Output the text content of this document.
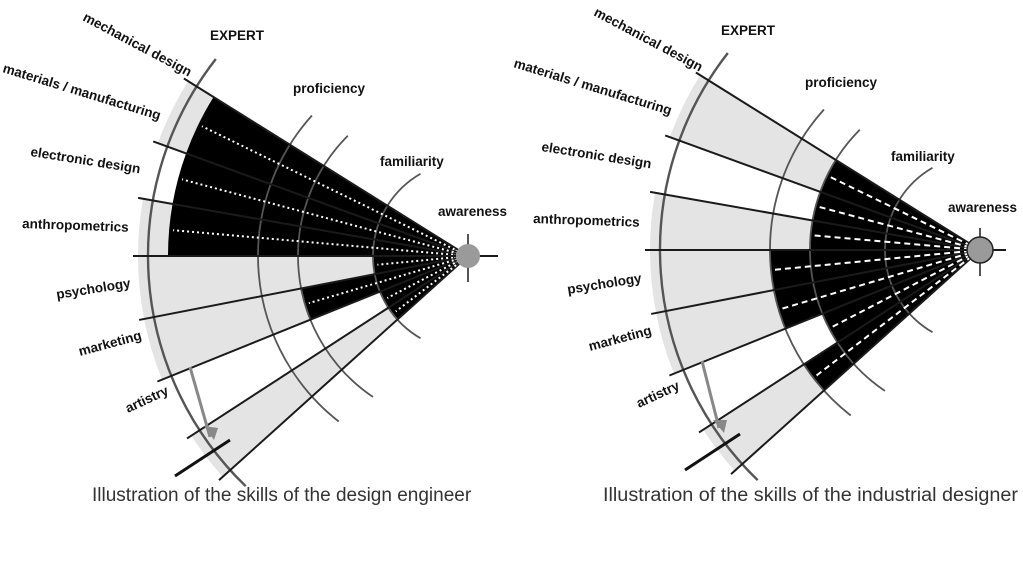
EXPERT
proficiency
familiarity
awareness
mechanical design
materials / manufacturing
electronic design
anthropometrics
psychology
marketing
artistry
EXPERT
proficiency
familiarity
awareness
mechanical design
materials / manufacturing
electronic design
anthropometrics
psychology
marketing
artistry
Illustration of the skills of the design engineer	Illustration of the skills of the industrial designer
